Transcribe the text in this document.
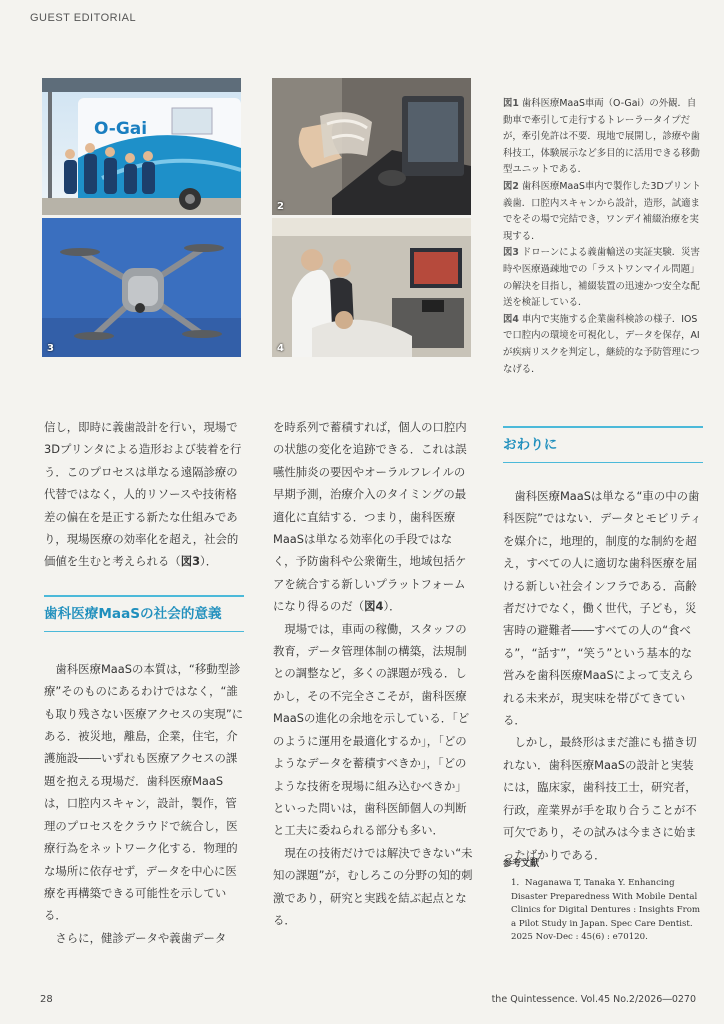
GUEST EDITORIAL
O-Gai
2
3	4

図1 歯科医療MaaS車両（O-Gai）の外観．自動車で牽引して走行するトレーラータイプだが，牽引免許は不要．現地で展開し，診療や歯科技工，体験展示など多目的に活用できる移動型ユニットである．

図2 歯科医療MaaS車内で製作した3Dプリント義歯．口腔内スキャンから設計，造形，試適までをその場で完結でき，ワンデイ補綴治療を実現する．

図3 ドローンによる義歯輸送の実証実験．災害時や医療過疎地での「ラストワンマイル問題」の解決を目指し，補綴装置の迅速かつ安全な配送を検証している．

図4 車内で実施する企業歯科検診の様子．IOSで口腔内の環境を可視化し，データを保存，AIが疾病リスクを判定し，継続的な予防管理につなげる．

信し，即時に義歯設計を行い，現場で3Dプリンタによる造形および装着を行う．このプロセスは単なる遠隔診療の代替ではなく，人的リソースや技術格差の偏在を是正する新たな仕組みであり，現場医療の効率化を超え，社会的価値を生むと考えられる（図3）．

歯科医療MaaSの社会的意義

歯科医療MaaSの本質は，“移動型診療”そのものにあるわけではなく，“誰も取り残さない医療アクセスの実現”にある．被災地，離島，企業，住宅，介護施設――いずれも医療アクセスの課題を抱える現場だ．歯科医療MaaSは，口腔内スキャン，設計，製作，管理のプロセスをクラウドで統合し，医療行為をネットワーク化する．物理的な場所に依存せず，データを中心に医療を再構築できる可能性を示している．

さらに，健診データや義歯データ

を時系列で蓄積すれば，個人の口腔内の状態の変化を追跡できる．これは誤嚥性肺炎の要因やオーラルフレイルの早期予測，治療介入のタイミングの最適化に直結する．つまり，歯科医療MaaSは単なる効率化の手段ではなく，予防歯科や公衆衛生，地域包括ケアを統合する新しいプラットフォームになり得るのだ（図4）．

現場では，車両の稼働，スタッフの教育，データ管理体制の構築，法規制との調整など，多くの課題が残る．しかし，その不完全さこそが，歯科医療MaaSの進化の余地を示している．「どのように運用を最適化するか」，「どのようなデータを蓄積すべきか」，「どのような技術を現場に組み込むべきか」といった問いは，歯科医師個人の判断と工夫に委ねられる部分も多い．

現在の技術だけでは解決できない“未知の課題”が，むしろこの分野の知的刺激であり，研究と実践を結ぶ起点となる．

おわりに

歯科医療MaaSは単なる“車の中の歯科医院”ではない．データとモビリティを媒介に，地理的，制度的な制約を超え，すべての人に適切な歯科医療を届ける新しい社会インフラである．高齢者だけでなく，働く世代，子ども，災害時の避難者――すべての人の“食べる”，“話す”，“笑う”という基本的な営みを歯科医療MaaSによって支えられる未来が，現実味を帯びてきている．

しかし，最終形はまだ誰にも描き切れない．歯科医療MaaSの設計と実装には，臨床家，歯科技工士，研究者，行政，産業界が手を取り合うことが不可欠であり，その試みは今まさに始まったばかりである．

参考文献
1．Naganawa T, Tanaka Y. Enhancing Disaster Preparedness With Mobile Dental Clinics for Digital Dentures : Insights From a Pilot Study in Japan. Spec Care Dentist. 2025 Nov-Dec : 45(6) : e70120.
28	the Quintessence. Vol.45 No.2/2026―0270
